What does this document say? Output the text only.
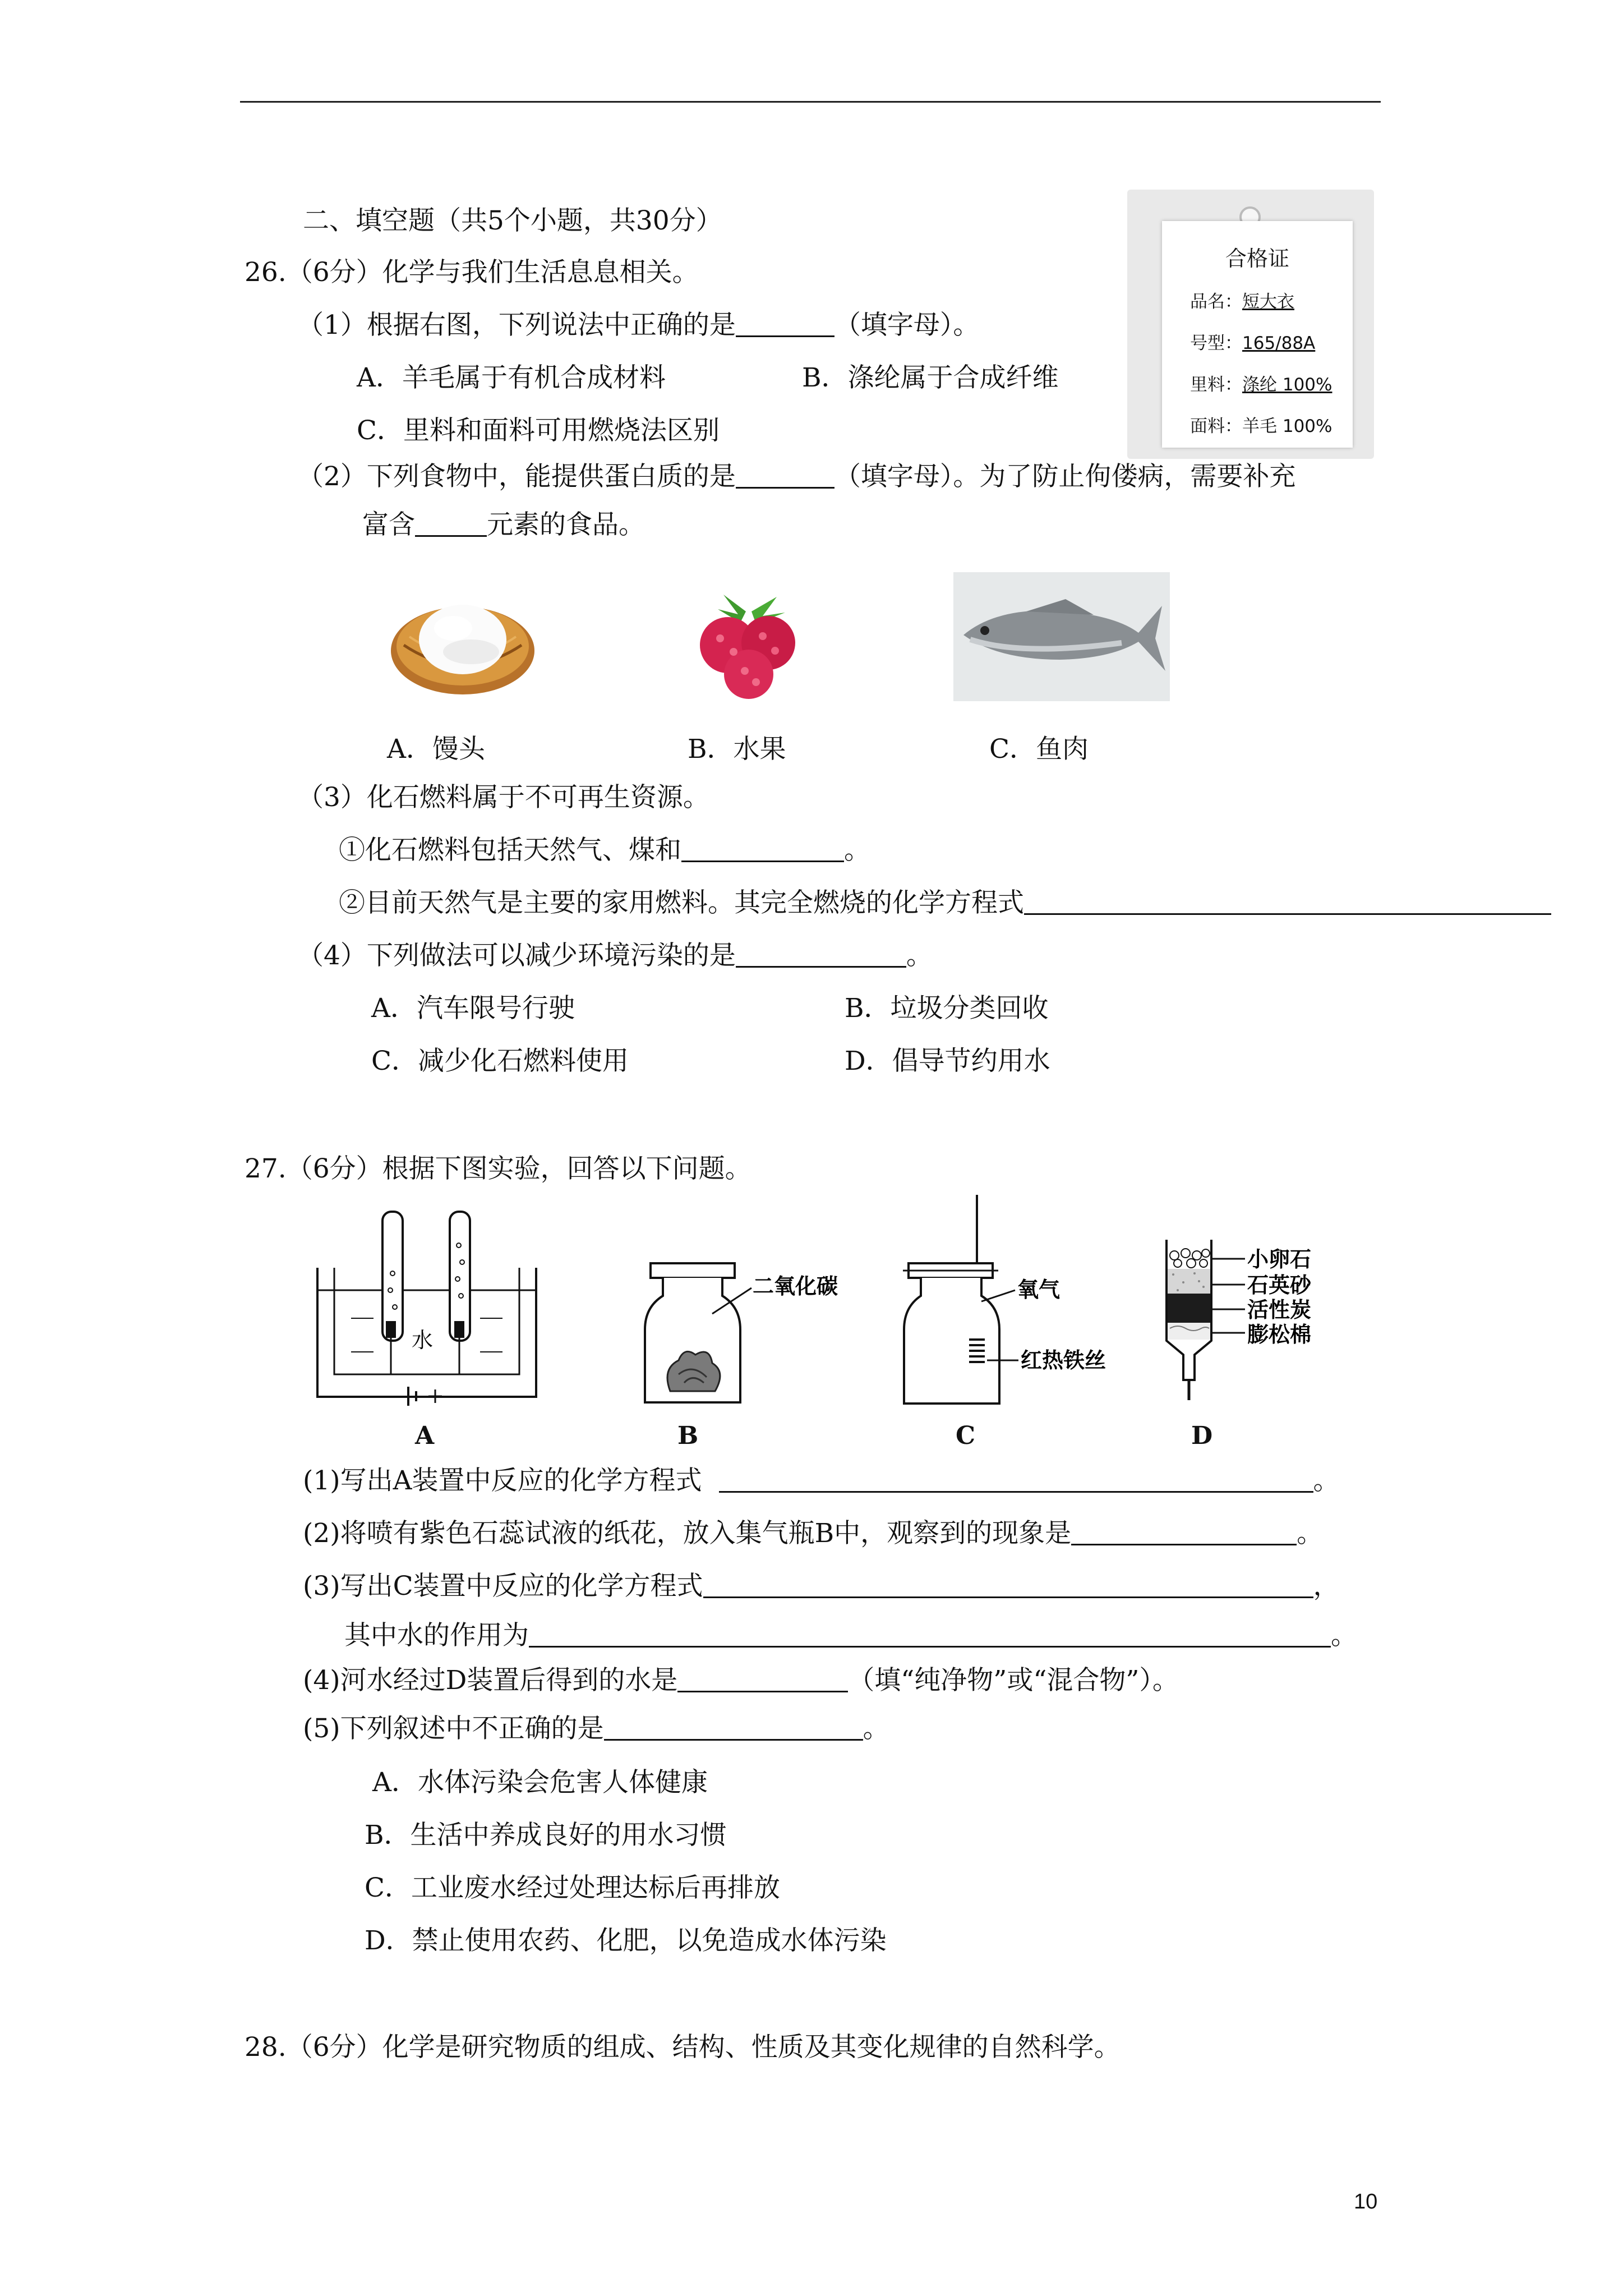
二、填空题（共5个小题，共30分）
26.（6分）化学与我们生活息息相关。
（1）根据右图，下列说法中正确的是	（填字母）。
A．羊毛属于有机合成材料	B．涤纶属于合成纤维
C．里料和面料可用燃烧法区别
合格证
品名：短大衣
号型：165/88A
里料：涤纶 100%
面料：羊毛 100%
（2）下列食物中，能提供蛋白质的是	（填字母）。为了防止佝偻病，需要补充
富含	元素的食品。
A．馒头	B．水果	C．鱼肉
（3）化石燃料属于不可再生资源。
①化石燃料包括天然气、煤和	。
②目前天然气是主要的家用燃料。其完全燃烧的化学方程式
（4）下列做法可以减少环境污染的是	。
A．汽车限号行驶	B．垃圾分类回收
C．减少化石燃料使用	D．倡导节约用水
27.（6分）根据下图实验，回答以下问题。
水
二氧化碳	氧气
红热铁丝
小卵石
石英砂
活性炭
膨松棉
A	B	C	D
(1)写出A装置中反应的化学方程式	。
(2)将喷有紫色石蕊试液的纸花，放入集气瓶B中，观察到的现象是	。
(3)写出C装置中反应的化学方程式	，
其中水的作用为	。
(4)河水经过D装置后得到的水是	（填“纯净物”或“混合物”）。
(5)下列叙述中不正确的是	。
A．水体污染会危害人体健康
B．生活中养成良好的用水习惯
C．工业废水经过处理达标后再排放
D．禁止使用农药、化肥，以免造成水体污染
28.（6分）化学是研究物质的组成、结构、性质及其变化规律的自然科学。
10
